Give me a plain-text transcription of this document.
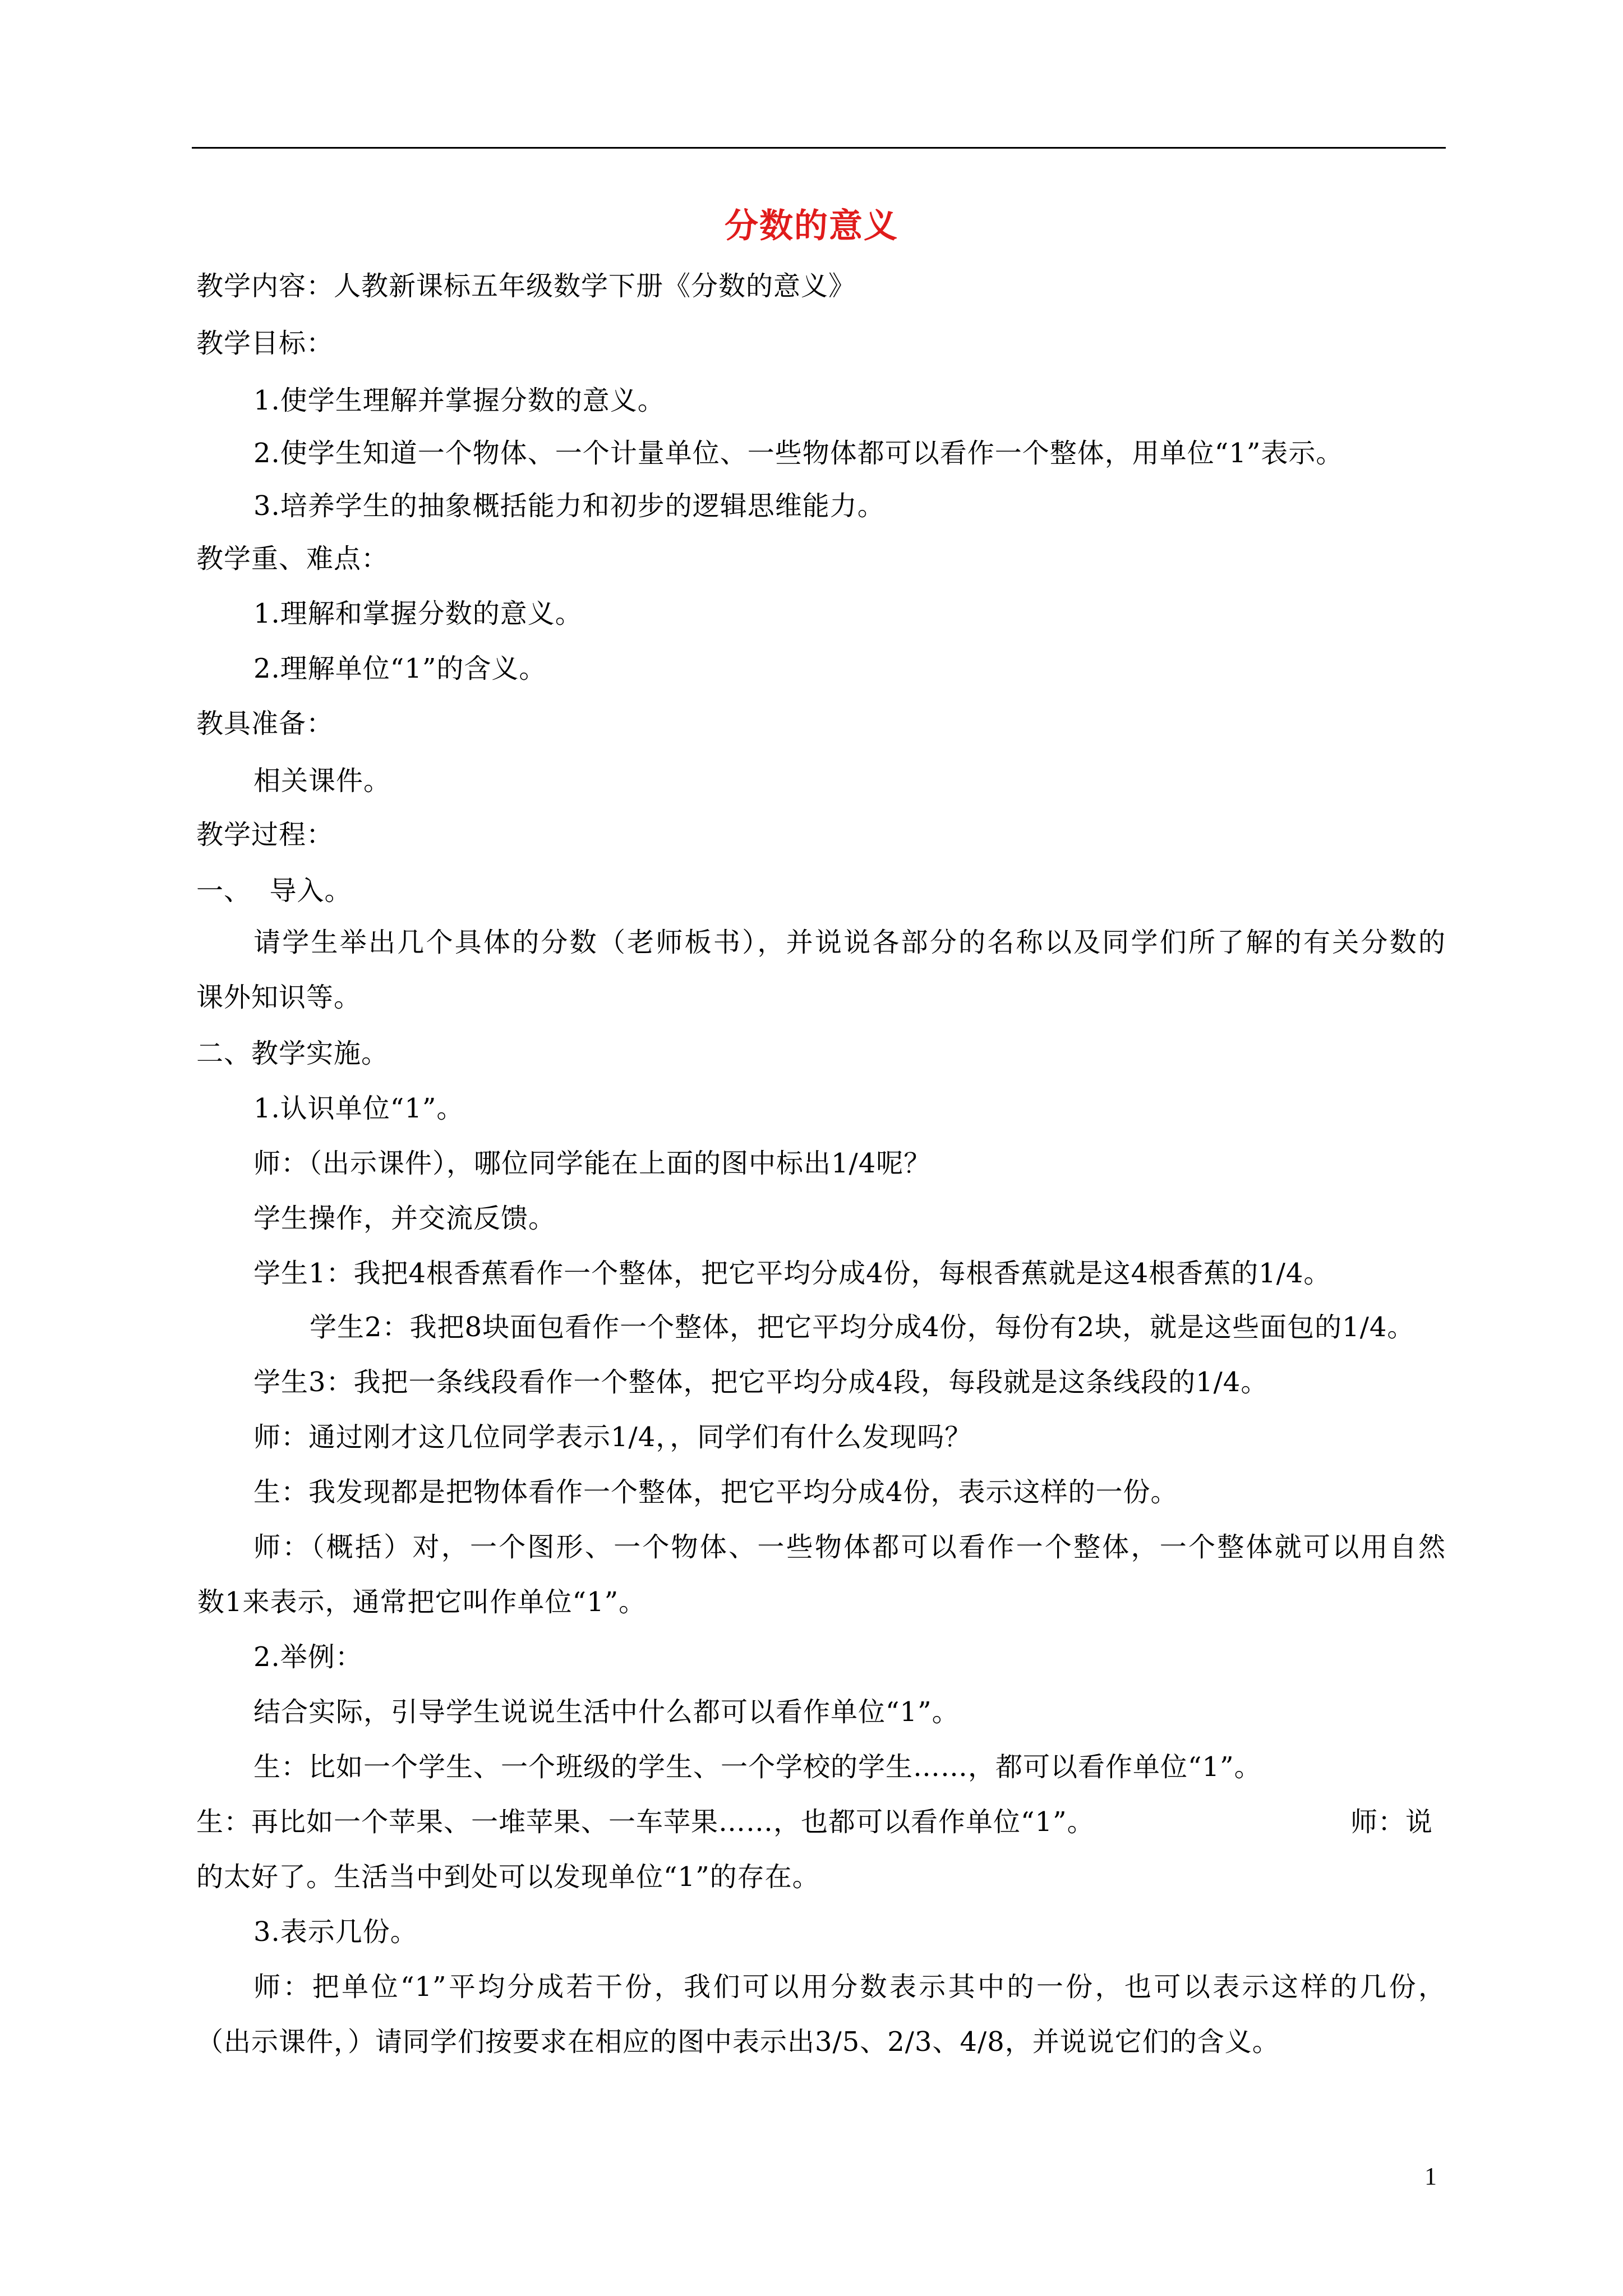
分数的意义
教学内容：人教新课标五年级数学下册《分数的意义》
教学目标：
1.使学生理解并掌握分数的意义。
2.使学生知道一个物体、一个计量单位、一些物体都可以看作一个整体，用单位“1”表示。
3.培养学生的抽象概括能力和初步的逻辑思维能力。
教学重、难点：
1.理解和掌握分数的意义。
2.理解单位“1”的含义。
教具准备：
相关课件。
教学过程：
一、  导入。
请学生举出几个具体的分数（老师板书），并说说各部分的名称以及同学们所了解的有关分数的
课外知识等。
二、教学实施。
1.认识单位“1”。
师：（出示课件），哪位同学能在上面的图中标出1/4呢？
学生操作，并交流反馈。
学生1：我把4根香蕉看作一个整体，把它平均分成4份，每根香蕉就是这4根香蕉的1/4。
学生2：我把8块面包看作一个整体，把它平均分成4份，每份有2块，就是这些面包的1/4。
学生3：我把一条线段看作一个整体，把它平均分成4段，每段就是这条线段的1/4。
师：通过刚才这几位同学表示1/4，，同学们有什么发现吗？
生：我发现都是把物体看作一个整体，把它平均分成4份，表示这样的一份。
师：（概括）对，一个图形、一个物体、一些物体都可以看作一个整体，一个整体就可以用自然
数1来表示，通常把它叫作单位“1”。
2.举例：
结合实际，引导学生说说生活中什么都可以看作单位“1”。
生：比如一个学生、一个班级的学生、一个学校的学生……，都可以看作单位“1”。
生：再比如一个苹果、一堆苹果、一车苹果……，也都可以看作单位“1”。	师：说
的太好了。生活当中到处可以发现单位“1”的存在。
3.表示几份。
师：把单位“1”平均分成若干份，我们可以用分数表示其中的一份，也可以表示这样的几份，
（出示课件，）请同学们按要求在相应的图中表示出3/5、2/3、4/8，并说说它们的含义。
1
